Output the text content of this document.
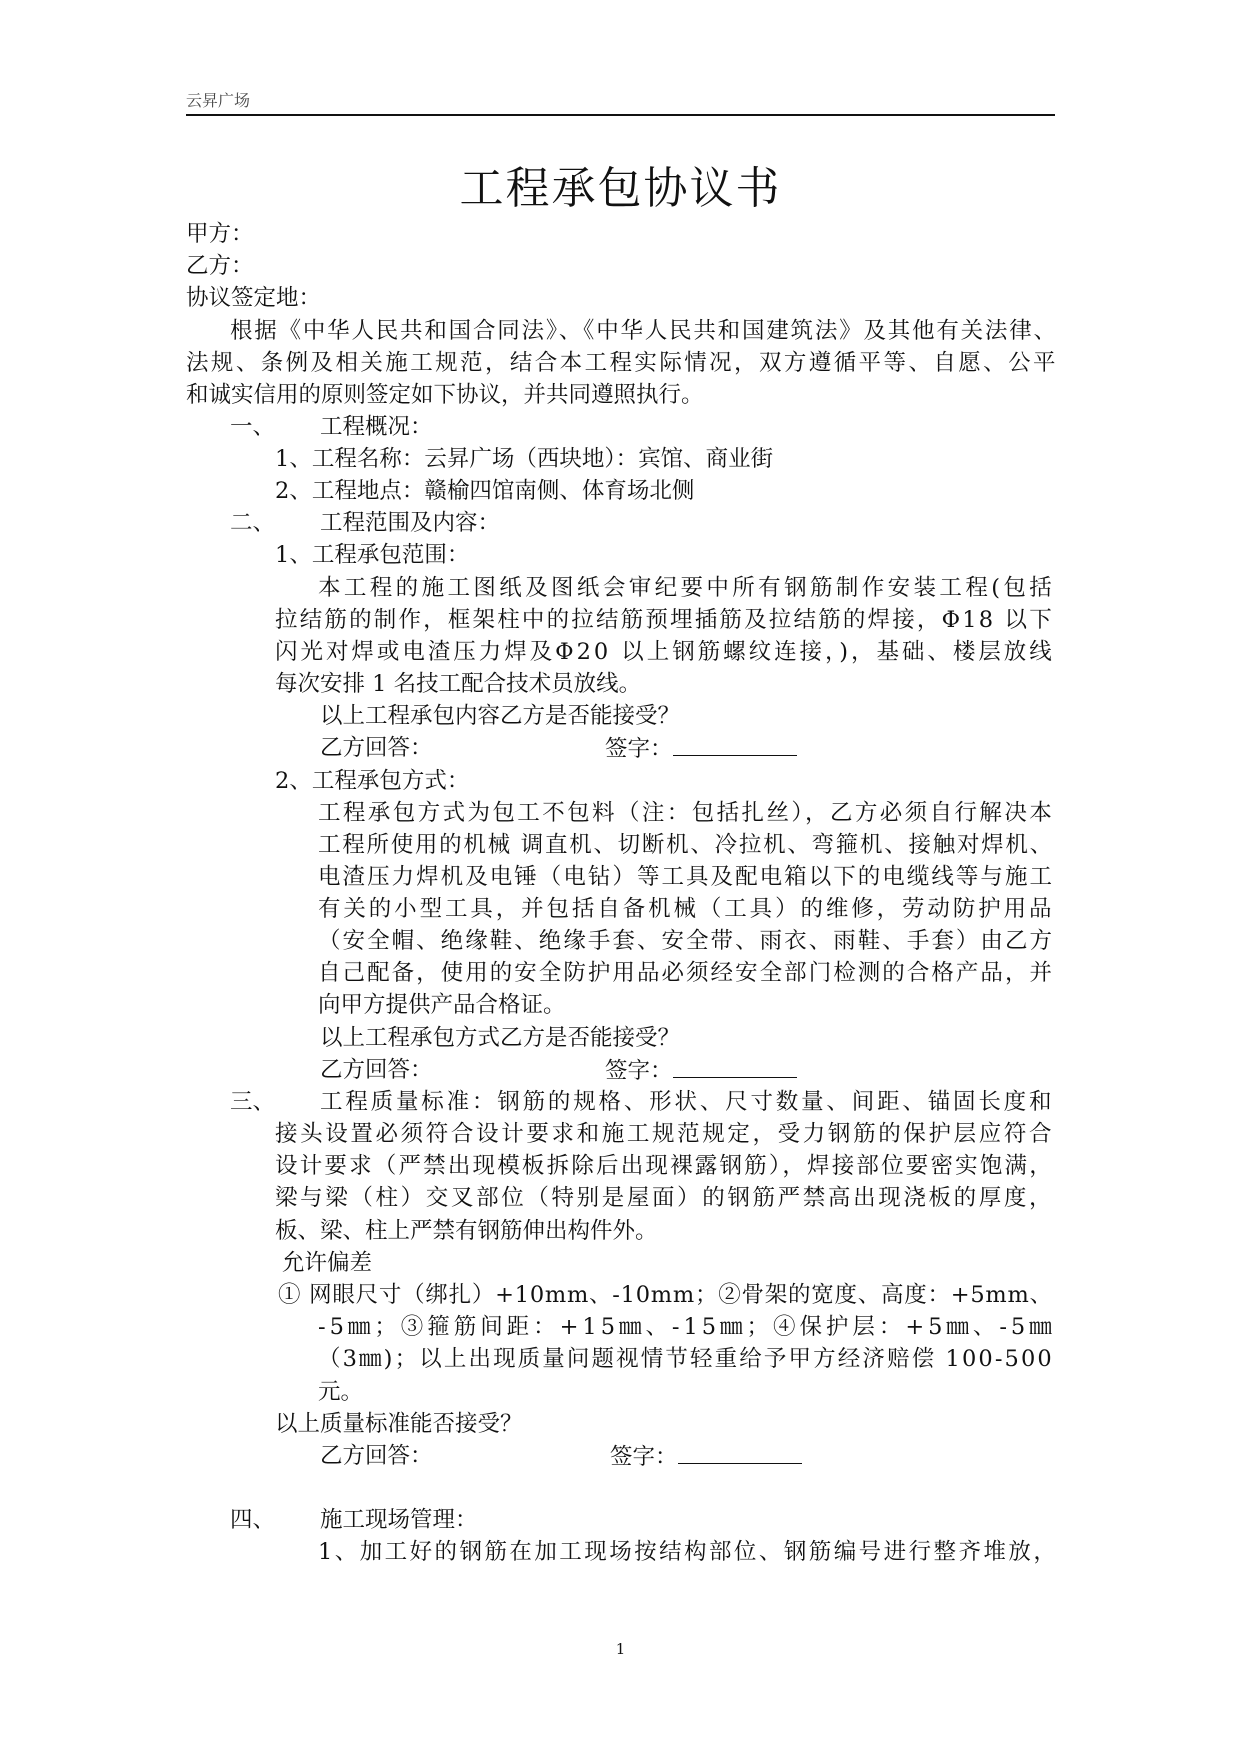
云昇广场
工程承包协议书
甲方：
乙方：
协议签定地：
根据《中华人民共和国合同法》、《中华人民共和国建筑法》及其他有关法律、
法规、条例及相关施工规范，结合本工程实际情况，双方遵循平等、自愿、公平
和诚实信用的原则签定如下协议，并共同遵照执行。
一、 工程概况：
1、工程名称：云昇广场（西块地）：宾馆、商业街
2、工程地点：赣榆四馆南侧、体育场北侧
二、 工程范围及内容：
1、工程承包范围：
本工程的施工图纸及图纸会审纪要中所有钢筋制作安装工程(包括
拉结筋的制作，框架柱中的拉结筋预埋插筋及拉结筋的焊接，Φ18 以下
闪光对焊或电渣压力焊及Φ20 以上钢筋螺纹连接，)，基础、楼层放线
每次安排 1 名技工配合技术员放线。
以上工程承包内容乙方是否能接受？
乙方回答：	签字：
2、工程承包方式：
工程承包方式为包工不包料（注：包括扎丝），乙方必须自行解决本
工程所使用的机械 调直机、切断机、冷拉机、弯箍机、接触对焊机、
电渣压力焊机及电锤（电钻）等工具及配电箱以下的电缆线等与施工
有关的小型工具，并包括自备机械（工具）的维修，劳动防护用品
（安全帽、绝缘鞋、绝缘手套、安全带、雨衣、雨鞋、手套）由乙方
自己配备，使用的安全防护用品必须经安全部门检测的合格产品，并
向甲方提供产品合格证。
以上工程承包方式乙方是否能接受？
乙方回答：	签字：
三、 工程质量标准：钢筋的规格、形状、尺寸数量、间距、锚固长度和
接头设置必须符合设计要求和施工规范规定，受力钢筋的保护层应符合
设计要求（严禁出现模板拆除后出现裸露钢筋），焊接部位要密实饱满，
梁与梁（柱）交叉部位（特别是屋面）的钢筋严禁高出现浇板的厚度，
板、梁、柱上严禁有钢筋伸出构件外。
允许偏差
① 网眼尺寸（绑扎）+10mm、-10mm；②骨架的宽度、高度：+5mm、
-5㎜；③箍筋间距：+15㎜、-15㎜；④保护层：+5㎜、-5㎜
（3㎜)；以上出现质量问题视情节轻重给予甲方经济赔偿 100-500
元。
以上质量标准能否接受？
乙方回答：	签字：
四、 施工现场管理：
1、加工好的钢筋在加工现场按结构部位、钢筋编号进行整齐堆放，
1
